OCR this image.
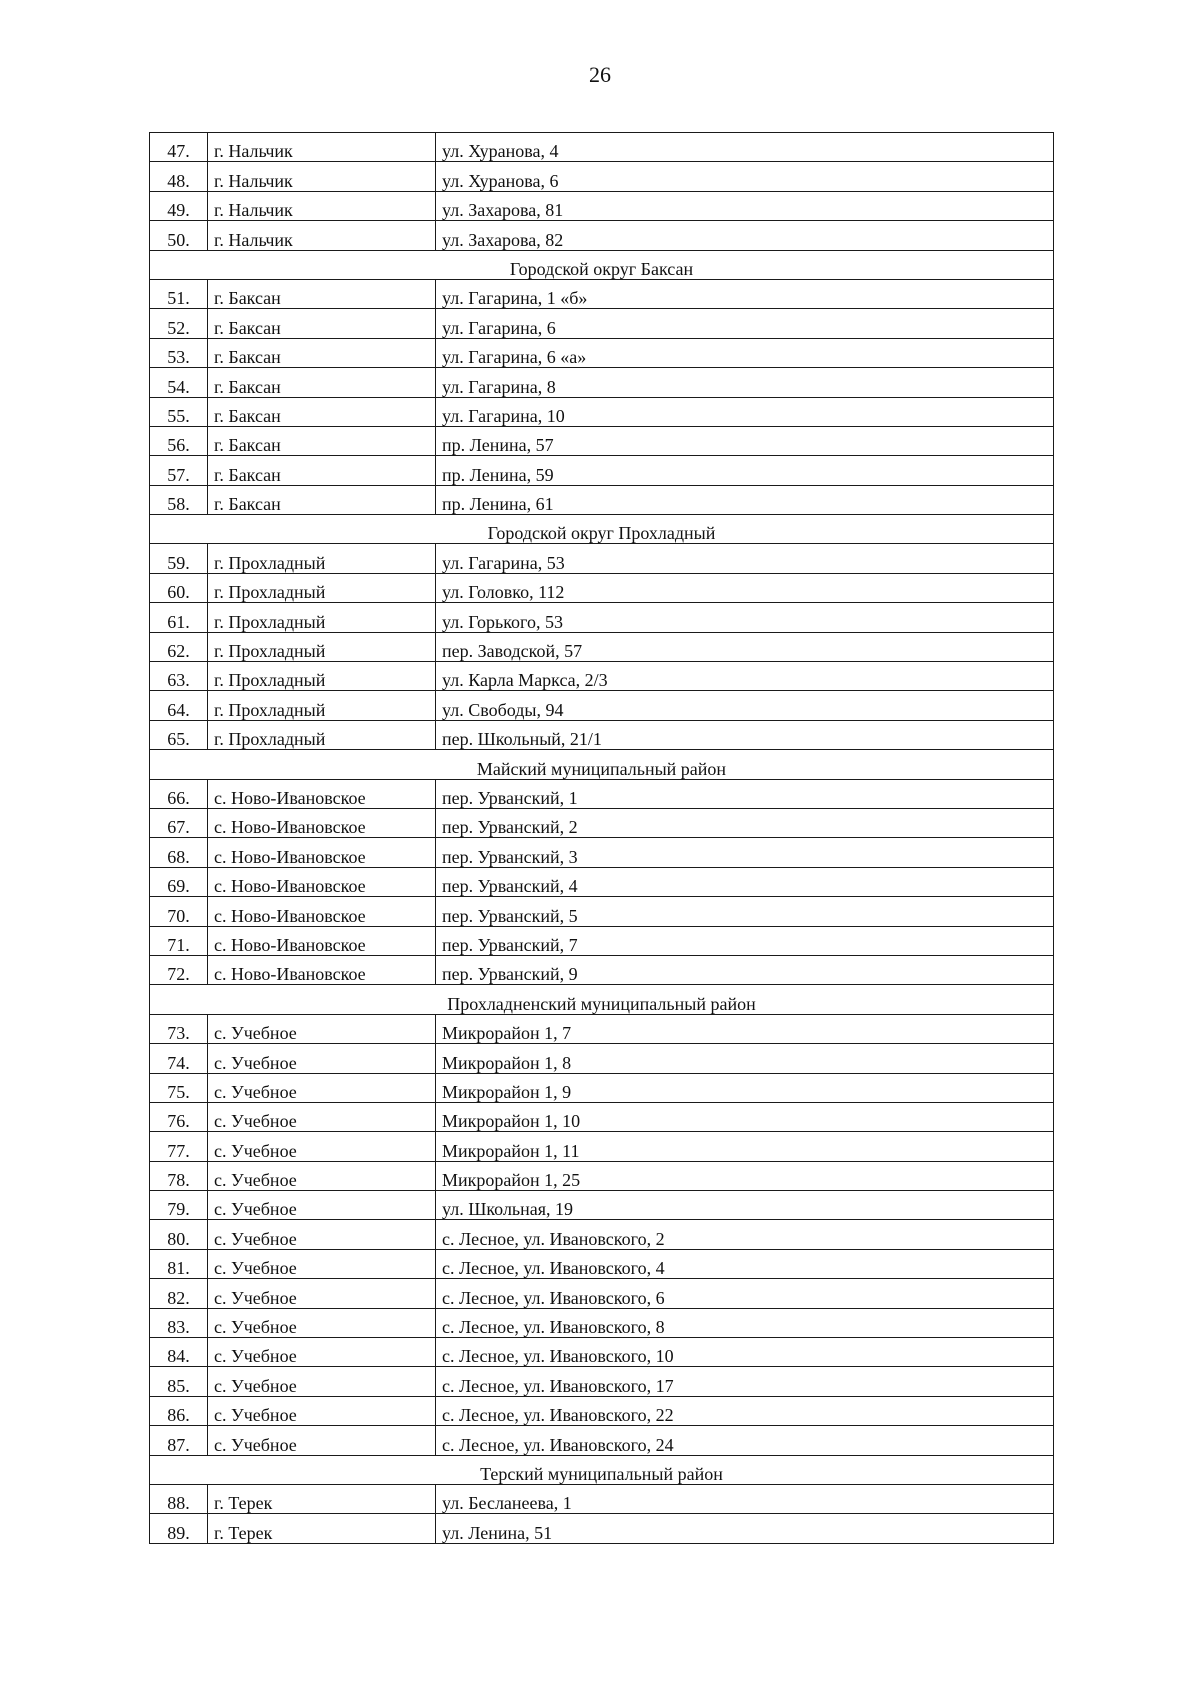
26
47.	г. Нальчик	ул. Хуранова, 4
48.	г. Нальчик	ул. Хуранова, 6
49.	г. Нальчик	ул. Захарова, 81
50.	г. Нальчик	ул. Захарова, 82
Городской округ Баксан		
51.	г. Баксан	ул. Гагарина, 1 «б»
52.	г. Баксан	ул. Гагарина, 6
53.	г. Баксан	ул. Гагарина, 6 «а»
54.	г. Баксан	ул. Гагарина, 8
55.	г. Баксан	ул. Гагарина, 10
56.	г. Баксан	пр. Ленина, 57
57.	г. Баксан	пр. Ленина, 59
58.	г. Баксан	пр. Ленина, 61
Городской округ Прохладный		
59.	г. Прохладный	ул. Гагарина, 53
60.	г. Прохладный	ул. Головко, 112
61.	г. Прохладный	ул. Горького, 53
62.	г. Прохладный	пер. Заводской, 57
63.	г. Прохладный	ул. Карла Маркса, 2/3
64.	г. Прохладный	ул. Свободы, 94
65.	г. Прохладный	пер. Школьный, 21/1
Майский муниципальный район		
66.	с. Ново-Ивановское	пер. Урванский, 1
67.	с. Ново-Ивановское	пер. Урванский, 2
68.	с. Ново-Ивановское	пер. Урванский, 3
69.	с. Ново-Ивановское	пер. Урванский, 4
70.	с. Ново-Ивановское	пер. Урванский, 5
71.	с. Ново-Ивановское	пер. Урванский, 7
72.	с. Ново-Ивановское	пер. Урванский, 9
Прохладненский муниципальный район		
73.	с. Учебное	Микрорайон 1, 7
74.	с. Учебное	Микрорайон 1, 8
75.	с. Учебное	Микрорайон 1, 9
76.	с. Учебное	Микрорайон 1, 10
77.	с. Учебное	Микрорайон 1, 11
78.	с. Учебное	Микрорайон 1, 25
79.	с. Учебное	ул. Школьная, 19
80.	с. Учебное	с. Лесное, ул. Ивановского, 2
81.	с. Учебное	с. Лесное, ул. Ивановского, 4
82.	с. Учебное	с. Лесное, ул. Ивановского, 6
83.	с. Учебное	с. Лесное, ул. Ивановского, 8
84.	с. Учебное	с. Лесное, ул. Ивановского, 10
85.	с. Учебное	с. Лесное, ул. Ивановского, 17
86.	с. Учебное	с. Лесное, ул. Ивановского, 22
87.	с. Учебное	с. Лесное, ул. Ивановского, 24
Терский муниципальный район		
88.	г. Терек	ул. Бесланеева, 1
89.	г. Терек	ул. Ленина, 51
